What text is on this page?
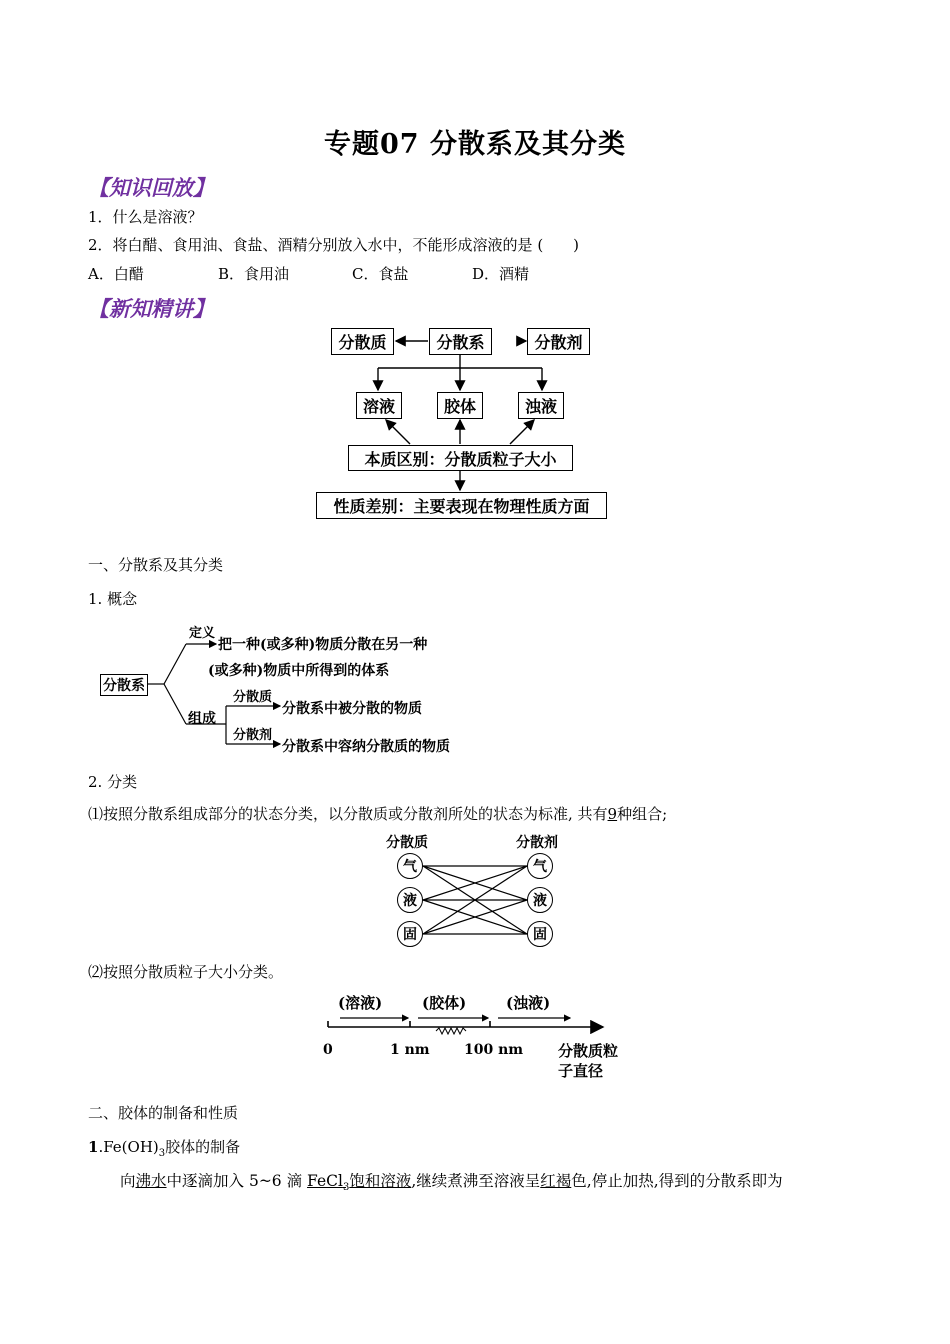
专题07 分散系及其分类
【知识回放】
1．什么是溶液？
2．将白醋、食用油、食盐、酒精分别放入水中，不能形成溶液的是 (　　)
A．白醋	B．食用油	C．食盐	D．酒精
【新知精讲】
分散质	分散系	分散剂
溶液	胶体	浊液
本质区别：分散质粒子大小
性质差别：主要表现在物理性质方面
一、分散系及其分类
1. 概念
分散系
定义
把一种(或多种)物质分散在另一种
(或多种)物质中所得到的体系
组成
分散质
分散系中被分散的物质
分散剂
分散系中容纳分散质的物质
2. 分类
⑴按照分散系组成部分的状态分类，以分散质或分散剂所处的状态为标准, 共有9种组合;
分散质	分散剂
气
液
固
气
液
固
⑵按照分散质粒子大小分类。
(溶液)	(胶体)	(浊液)
0	1 nm 100 nm 分散质粒
子直径
二、胶体的制备和性质
$1.Fe(OH)_3$胶体的制备
向沸水中逐滴加入 5~6 滴 FeCl$_3$饱和溶液,继续煮沸至溶液呈红褐色,停止加热,得到的分散系即为
